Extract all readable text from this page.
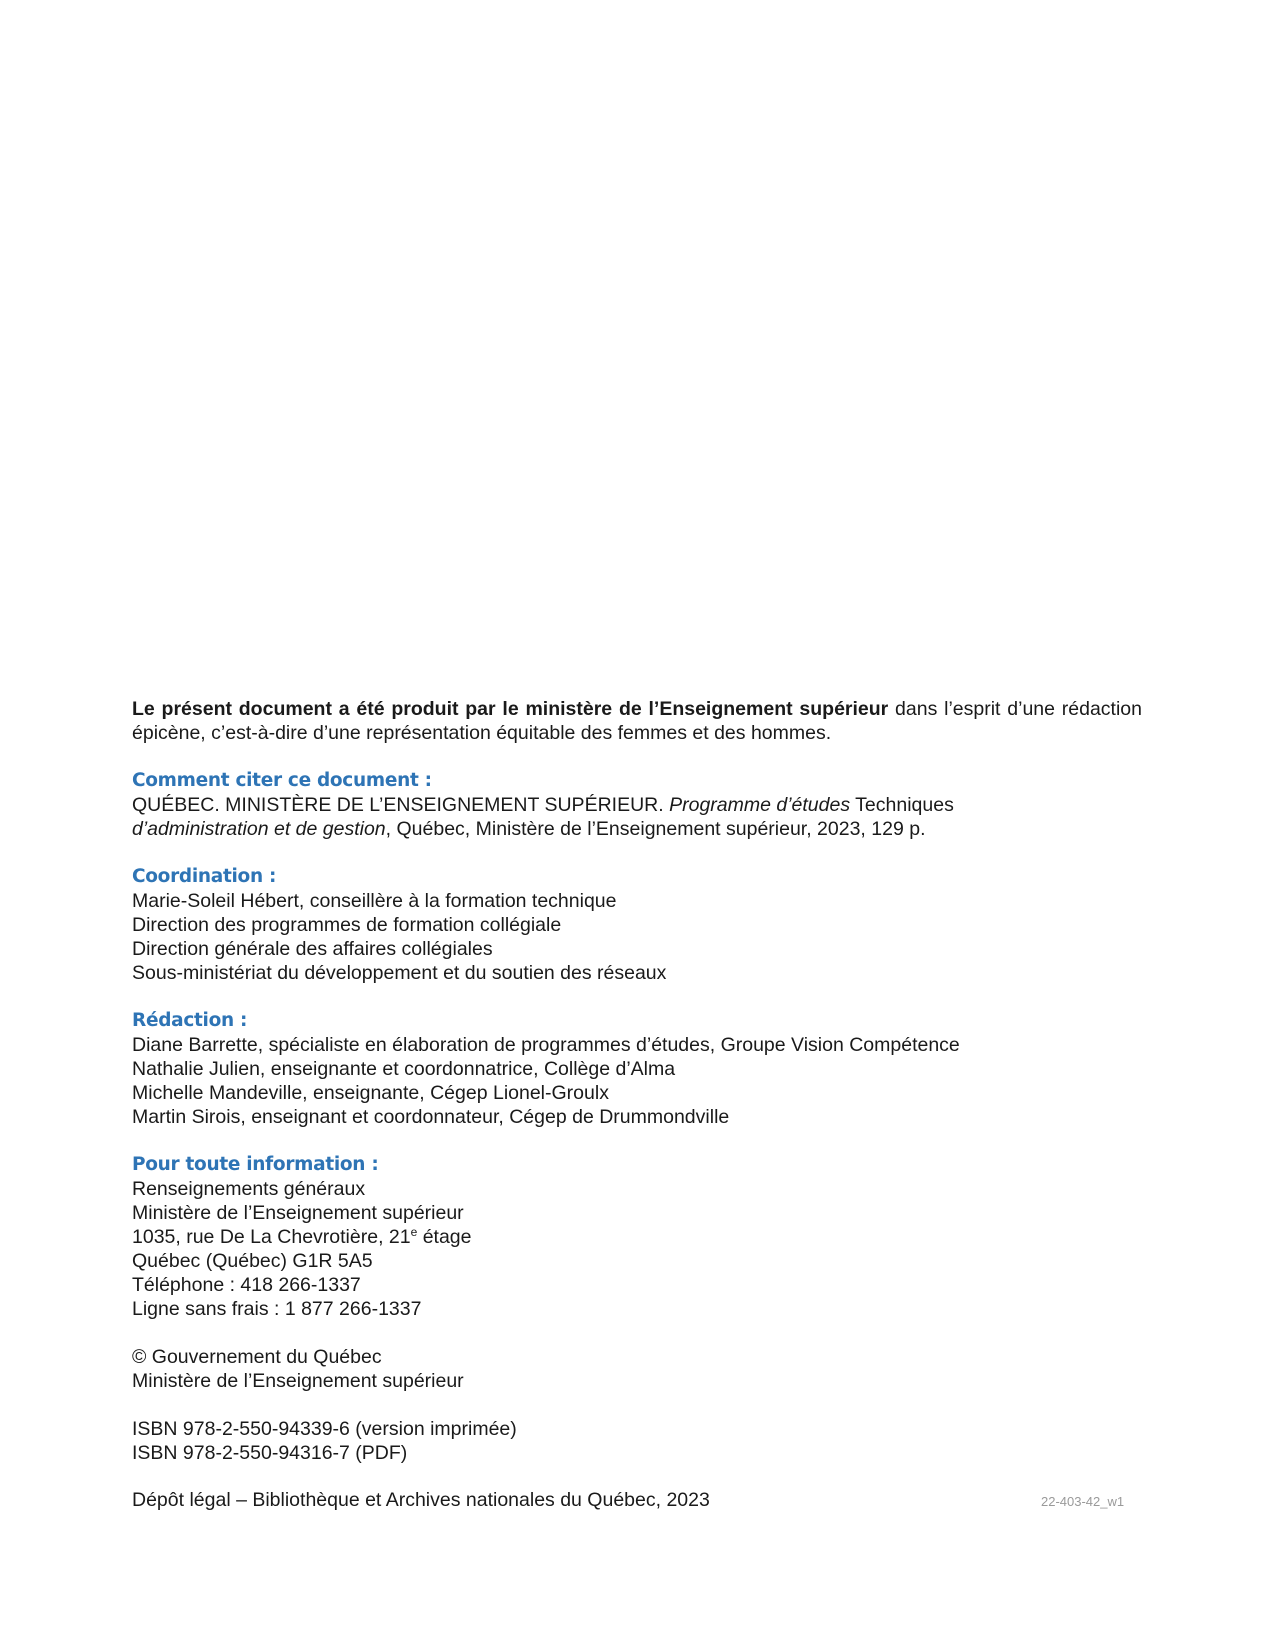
Le présent document a été produit par le ministère de l’Enseignement supérieur dans l’esprit d’une rédaction épicène, c’est-à-dire d’une représentation équitable des femmes et des hommes.

Comment citer ce document :
QUÉBEC. MINISTÈRE DE L’ENSEIGNEMENT SUPÉRIEUR. Programme d’études Techniques
d’administration et de gestion, Québec, Ministère de l’Enseignement supérieur, 2023, 129 p.
Coordination :
Marie-Soleil Hébert, conseillère à la formation technique
Direction des programmes de formation collégiale
Direction générale des affaires collégiales
Sous-ministériat du développement et du soutien des réseaux
Rédaction :
Diane Barrette, spécialiste en élaboration de programmes d’études, Groupe Vision Compétence
Nathalie Julien, enseignante et coordonnatrice, Collège d’Alma
Michelle Mandeville, enseignante, Cégep Lionel-Groulx
Martin Sirois, enseignant et coordonnateur, Cégep de Drummondville
Pour toute information :
Renseignements généraux
Ministère de l’Enseignement supérieur
1035, rue De La Chevrotière, 21e étage
Québec (Québec) G1R 5A5
Téléphone : 418 266-1337
Ligne sans frais : 1 877 266-1337
© Gouvernement du Québec
Ministère de l’Enseignement supérieur
ISBN 978-2-550-94339-6 (version imprimée)
ISBN 978-2-550-94316-7 (PDF)
Dépôt légal – Bibliothèque et Archives nationales du Québec, 2023	22-403-42_w1
